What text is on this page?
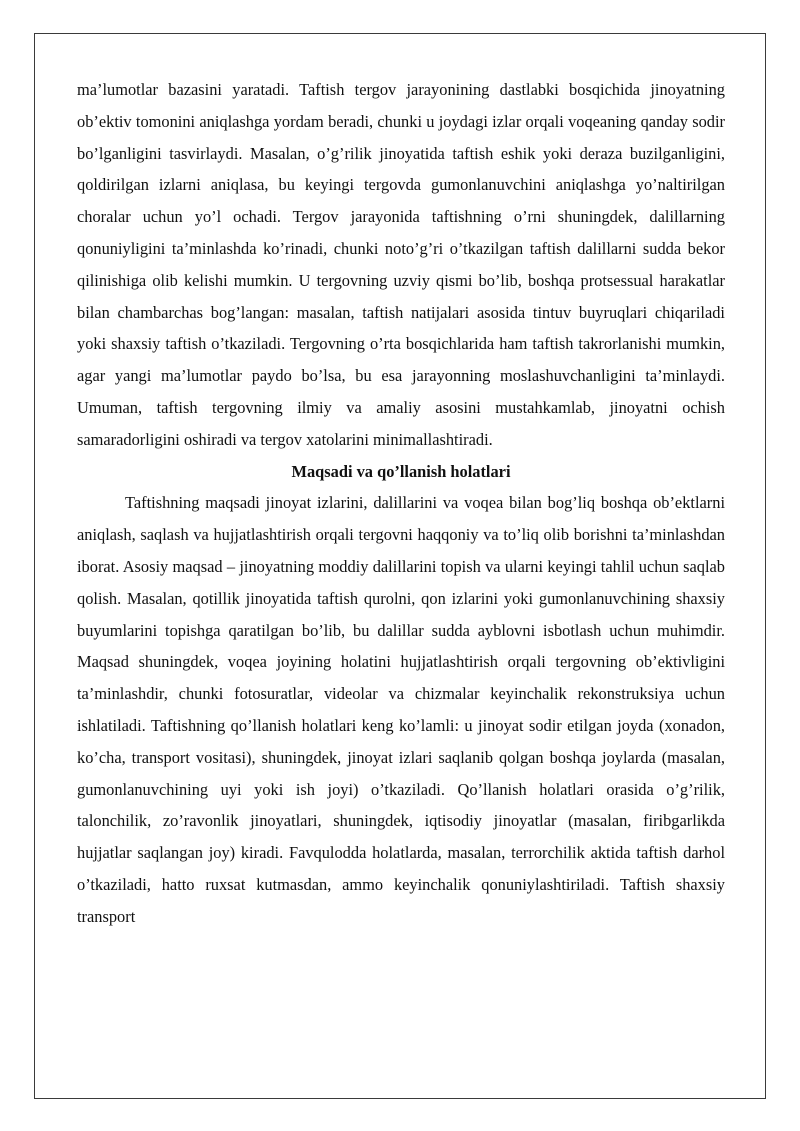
ma’lumotlar bazasini yaratadi. Taftish tergov jarayonining dastlabki bosqichida jinoyatning ob’ektiv tomonini aniqlashga yordam beradi, chunki u joydagi izlar orqali voqeaning qanday sodir bo’lganligini tasvirlaydi. Masalan, o’g’rilik jinoyatida taftish eshik yoki deraza buzilganligini, qoldirilgan izlarni aniqlasa, bu keyingi tergovda gumonlanuvchini aniqlashga yo’naltirilgan choralar uchun yo’l ochadi. Tergov jarayonida taftishning o’rni shuningdek, dalillarning qonuniyligini ta’minlashda ko’rinadi, chunki noto’g’ri o’tkazilgan taftish dalillarni sudda bekor qilinishiga olib kelishi mumkin. U tergovning uzviy qismi bo’lib, boshqa protsessual harakatlar bilan chambarchas bog’langan: masalan, taftish natijalari asosida tintuv buyruqlari chiqariladi yoki shaxsiy taftish o’tkaziladi. Tergovning o’rta bosqichlarida ham taftish takrorlanishi mumkin, agar yangi ma’lumotlar paydo bo’lsa, bu esa jarayonning moslashuvchanligini ta’minlaydi. Umuman, taftish tergovning ilmiy va amaliy asosini mustahkamlab, jinoyatni ochish samaradorligini oshiradi va tergov xatolarini minimallashtiradi.

Maqsadi va qo’llanish holatlari

Taftishning maqsadi jinoyat izlarini, dalillarini va voqea bilan bog’liq boshqa ob’ektlarni aniqlash, saqlash va hujjatlashtirish orqali tergovni haqqoniy va to’liq olib borishni ta’minlashdan iborat. Asosiy maqsad – jinoyatning moddiy dalillarini topish va ularni keyingi tahlil uchun saqlab qolish. Masalan, qotillik jinoyatida taftish qurolni, qon izlarini yoki gumonlanuvchining shaxsiy buyumlarini topishga qaratilgan bo’lib, bu dalillar sudda ayblovni isbotlash uchun muhimdir. Maqsad shuningdek, voqea joyining holatini hujjatlashtirish orqali tergovning ob’ektivligini ta’minlashdir, chunki fotosuratlar, videolar va chizmalar keyinchalik rekonstruksiya uchun ishlatiladi. Taftishning qo’llanish holatlari keng ko’lamli: u jinoyat sodir etilgan joyda (xonadon, ko’cha, transport vositasi), shuningdek, jinoyat izlari saqlanib qolgan boshqa joylarda (masalan, gumonlanuvchining uyi yoki ish joyi) o’tkaziladi. Qo’llanish holatlari orasida o’g’rilik, talonchilik, zo’ravonlik jinoyatlari, shuningdek, iqtisodiy jinoyatlar (masalan, firibgarlikda hujjatlar saqlangan joy) kiradi. Favqulodda holatlarda, masalan, terrorchilik aktida taftish darhol o’tkaziladi, hatto ruxsat kutmasdan, ammo keyinchalik qonuniylashtiriladi. Taftish shaxsiy transport
